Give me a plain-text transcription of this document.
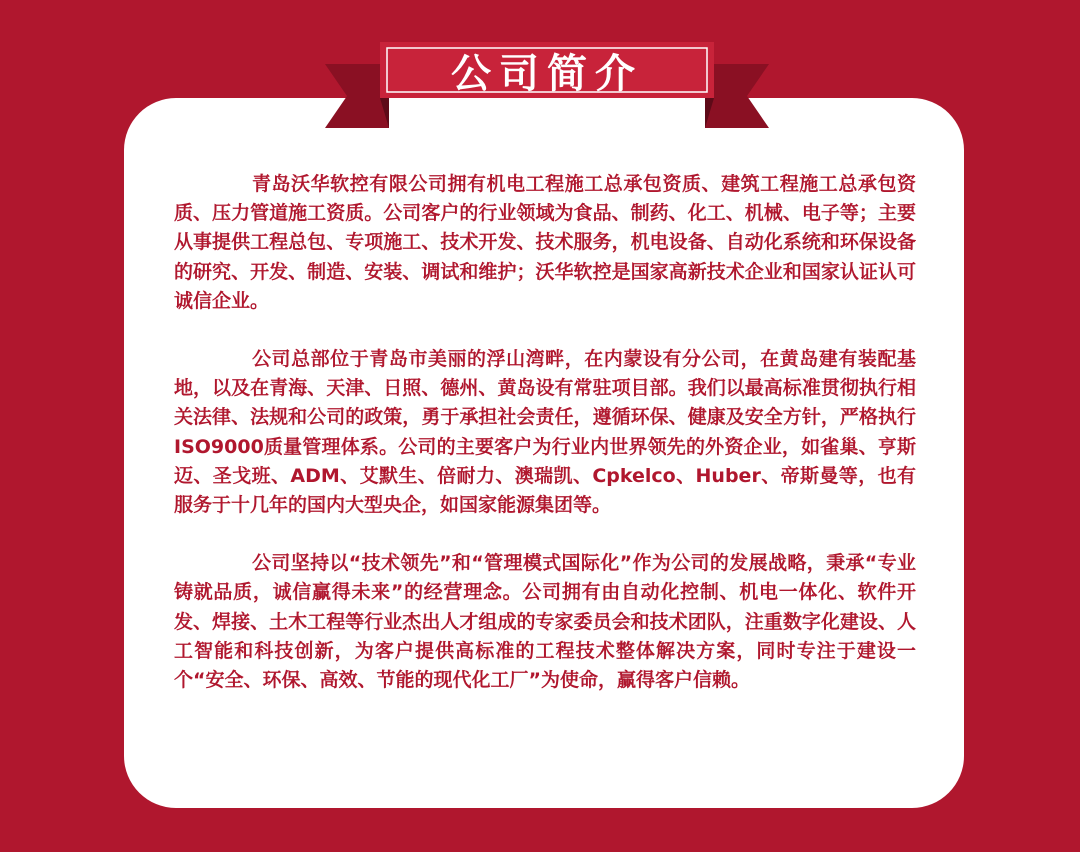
公司简介

青岛沃华软控有限公司拥有机电工程施工总承包资质、建筑工程施工总承包资质、压力管道施工资质。公司客户的行业领域为食品、制药、化工、机械、电子等；主要从事提供工程总包、专项施工、技术开发、技术服务，机电设备、自动化系统和环保设备的研究、开发、制造、安装、调试和维护；沃华软控是国家高新技术企业和国家认证认可诚信企业。

公司总部位于青岛市美丽的浮山湾畔，在内蒙设有分公司，在黄岛建有装配基地，以及在青海、天津、日照、德州、黄岛设有常驻项目部。我们以最高标准贯彻执行相关法律、法规和公司的政策，勇于承担社会责任，遵循环保、健康及安全方针，严格执行ISO9000质量管理体系。公司的主要客户为行业内世界领先的外资企业，如雀巢、亨斯迈、圣戈班、ADM、艾默生、倍耐力、澳瑞凯、Cpkelco、Huber、帝斯曼等，也有服务于十几年的国内大型央企，如国家能源集团等。

公司坚持以“技术领先”和“管理模式国际化”作为公司的发展战略，秉承“专业铸就品质，诚信赢得未来”的经营理念。公司拥有由自动化控制、机电一体化、软件开发、焊接、土木工程等行业杰出人才组成的专家委员会和技术团队，注重数字化建设、人工智能和科技创新，为客户提供高标准的工程技术整体解决方案，同时专注于建设一个“安全、环保、高效、节能的现代化工厂”为使命，赢得客户信赖。
